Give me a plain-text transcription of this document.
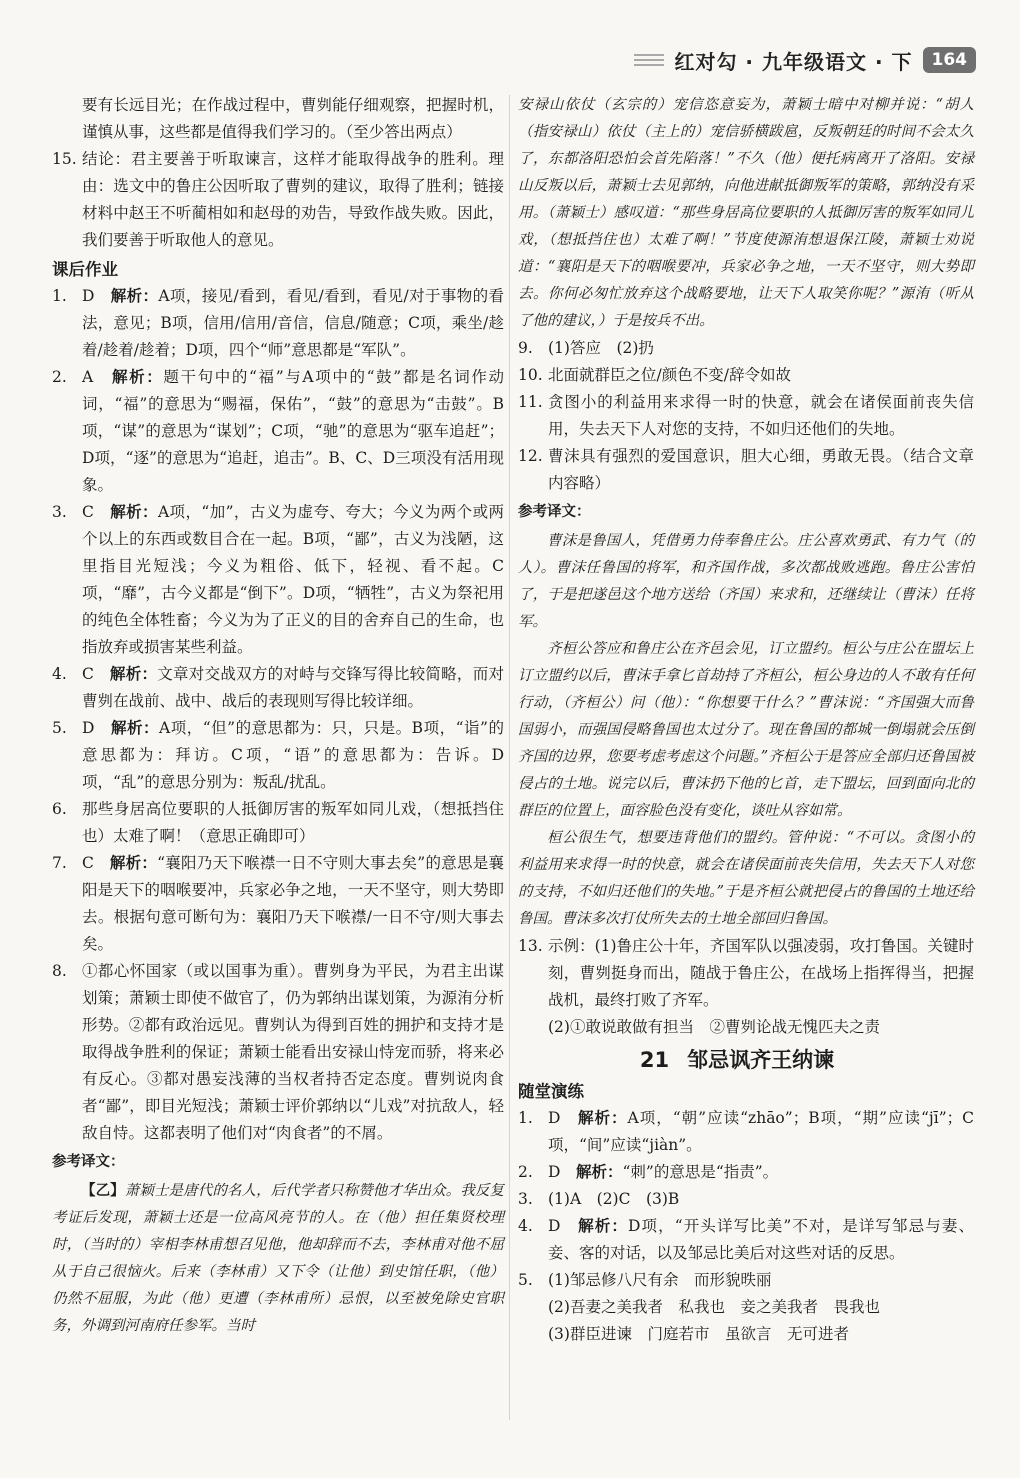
红对勾 · 九年级语文 · 下	164
要有长远目光；在作战过程中，曹刿能仔细观察，把握时机，谨慎从事，这些都是值得我们学习的。（至少答出两点）
15. 结论：君主要善于听取谏言，这样才能取得战争的胜利。理由：选文中的鲁庄公因听取了曹刿的建议，取得了胜利；链接材料中赵王不听蔺相如和赵母的劝告，导致作战失败。因此，我们要善于听取他人的意见。
课后作业
1. D　 解析：A项，接见/看到，看见/看到，看见/对于事物的看法，意见；B项，信用/信用/音信，信息/随意；C项，乘坐/趁着/趁着/趁着；D项，四个“师”意思都是“军队”。
2. A　 解析：题干句中的“福”与A项中的“鼓”都是名词作动词，“福”的意思为“赐福，保佑”，“鼓”的意思为“击鼓”。B项，“谋”的意思为“谋划”；C项，“驰”的意思为“驱车追赶”；D项，“逐”的意思为“追赶，追击”。B、C、D三项没有活用现象。
3. C　 解析：A项，“加”，古义为虚夸、夸大；今义为两个或两个以上的东西或数目合在一起。B项，“鄙”，古义为浅陋，这里指目光短浅；今义为粗俗、低下，轻视、看不起。C项，“靡”，古今义都是“倒下”。D项，“牺牲”，古义为祭祀用的纯色全体牲畜；今义为为了正义的目的舍弃自己的生命，也指放弃或损害某些利益。
4. C　 解析：文章对交战双方的对峙与交锋写得比较简略，而对曹刿在战前、战中、战后的表现则写得比较详细。
5. D　 解析：A项，“但”的意思都为：只，只是。B项，“诣”的意思都为：拜访。C项，“语”的意思都为：告诉。D项，“乱”的意思分别为：叛乱/扰乱。
6. 那些身居高位要职的人抵御厉害的叛军如同儿戏，（想抵挡住也）太难了啊！（意思正确即可）
7. C　 解析：“襄阳乃天下喉襟一日不守则大事去矣”的意思是襄阳是天下的咽喉要冲，兵家必争之地，一天不坚守，则大势即去。根据句意可断句为：襄阳乃天下喉襟/一日不守/则大事去矣。
8. ①都心怀国家（或以国事为重）。曹刿身为平民，为君主出谋划策；萧颖士即使不做官了，仍为郭纳出谋划策，为源洧分析形势。②都有政治远见。曹刿认为得到百姓的拥护和支持才是取得战争胜利的保证；萧颖士能看出安禄山恃宠而骄，将来必有反心。③都对愚妄浅薄的当权者持否定态度。曹刿说肉食者“鄙”，即目光短浅；萧颖士评价郭纳以“儿戏”对抗敌人，轻敌自恃。这都表明了他们对“肉食者”的不屑。
参考译文：
【乙】萧颖士是唐代的名人，后代学者只称赞他才华出众。我反复考证后发现，萧颖士还是一位高风亮节的人。在（他）担任集贤校理时，（当时的）宰相李林甫想召见他，他却辞而不去，李林甫对他不屈从于自己很恼火。后来（李林甫）又下令（让他）到史馆任职，（他）仍然不屈服，为此（他）更遭（李林甫所）忌恨，以至被免除史官职务，外调到河南府任参军。当时
安禄山依仗（玄宗的）宠信恣意妄为，萧颖士暗中对柳并说：“胡人（指安禄山）依仗（主上的）宠信骄横跋扈，反叛朝廷的时间不会太久了，东都洛阳恐怕会首先陷落！”不久（他）便托病离开了洛阳。安禄山反叛以后，萧颖士去见郭纳，向他进献抵御叛军的策略，郭纳没有采用。（萧颖士）感叹道：“那些身居高位要职的人抵御厉害的叛军如同儿戏，（想抵挡住也）太难了啊！”节度使源洧想退保江陵，萧颖士劝说道：“襄阳是天下的咽喉要冲，兵家必争之地，一天不坚守，则大势即去。你何必匆忙放弃这个战略要地，让天下人取笑你呢？”源洧（听从了他的建议，）于是按兵不出。
9. (1)答应　(2)扔
10. 北面就群臣之位/颜色不变/辞令如故
11. 贪图小的利益用来求得一时的快意，就会在诸侯面前丧失信用，失去天下人对您的支持，不如归还他们的失地。
12. 曹沫具有强烈的爱国意识，胆大心细，勇敢无畏。（结合文章内容略）
参考译文：
曹沫是鲁国人，凭借勇力侍奉鲁庄公。庄公喜欢勇武、有力气（的人）。曹沫任鲁国的将军，和齐国作战，多次都战败逃跑。鲁庄公害怕了，于是把遂邑这个地方送给（齐国）来求和，还继续让（曹沫）任将军。
齐桓公答应和鲁庄公在齐邑会见，订立盟约。桓公与庄公在盟坛上订立盟约以后，曹沫手拿匕首劫持了齐桓公，桓公身边的人不敢有任何行动，（齐桓公）问（他）：“你想要干什么？”曹沫说：“齐国强大而鲁国弱小，而强国侵略鲁国也太过分了。现在鲁国的都城一倒塌就会压倒齐国的边界，您要考虑考虑这个问题。”齐桓公于是答应全部归还鲁国被侵占的土地。说完以后，曹沫扔下他的匕首，走下盟坛，回到面向北的群臣的位置上，面容脸色没有变化，谈吐从容如常。
桓公很生气，想要违背他们的盟约。管仲说：“不可以。贪图小的利益用来求得一时的快意，就会在诸侯面前丧失信用，失去天下人对您的支持，不如归还他们的失地。”于是齐桓公就把侵占的鲁国的土地还给鲁国。曹沫多次打仗所失去的土地全部回归鲁国。
13. 示例：(1)鲁庄公十年，齐国军队以强凌弱，攻打鲁国。关键时刻，曹刿挺身而出，随战于鲁庄公，在战场上指挥得当，把握战机，最终打败了齐军。
(2)①敢说敢做有担当　②曹刿论战无愧匹夫之责
21 邹忌讽齐王纳谏
随堂演练
1. D　 解析：A项，“朝”应读“zhāo”；B项，“期”应读“jī”；C项，“间”应读“jiàn”。
2. D　 解析：“刺”的意思是“指责”。
3. (1)A　(2)C　(3)B
4. D　 解析：D项，“开头详写比美”不对，是详写邹忌与妻、妾、客的对话，以及邹忌比美后对这些对话的反思。
5. (1)邹忌修八尺有余　而形貌昳丽
(2)吾妻之美我者　私我也　妾之美我者　畏我也
(3)群臣进谏　门庭若市　虽欲言　无可进者
